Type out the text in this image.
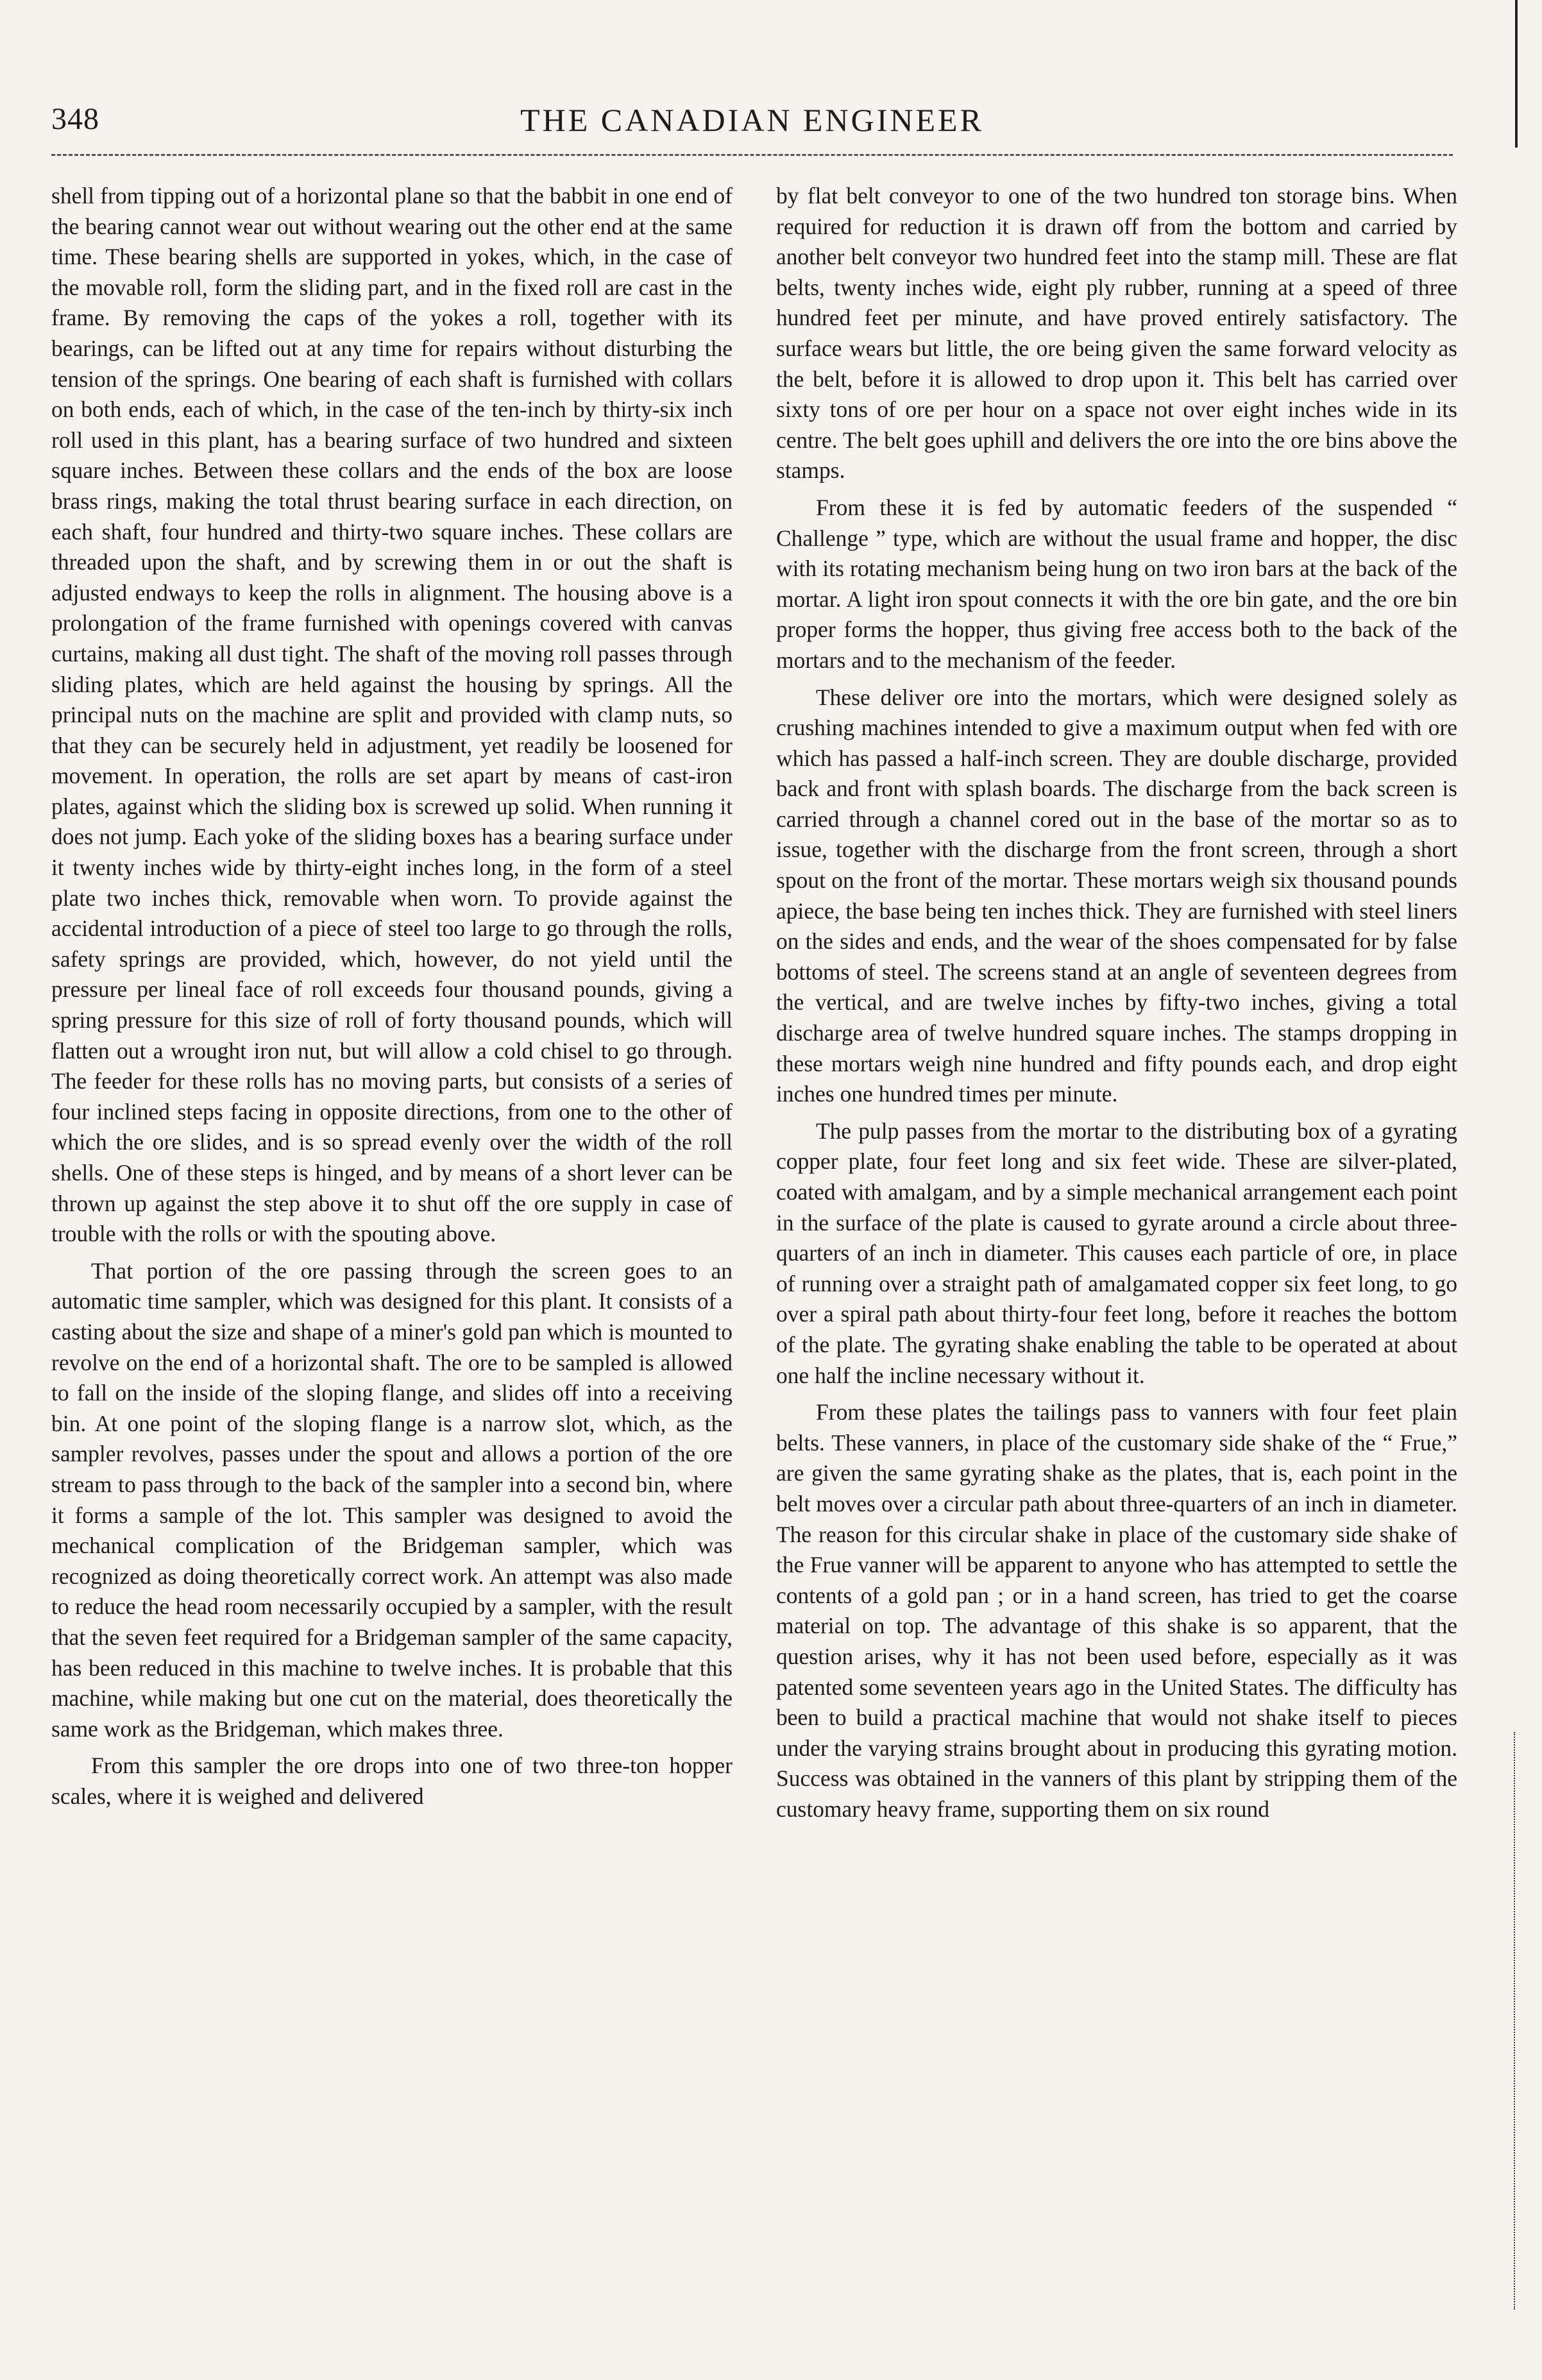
348	THE CANADIAN ENGINEER

shell from tipping out of a horizontal plane so that the babbit in one end of the bearing cannot wear out without wearing out the other end at the same time. These bearing shells are supported in yokes, which, in the case of the movable roll, form the sliding part, and in the fixed roll are cast in the frame. By removing the caps of the yokes a roll, together with its bearings, can be lifted out at any time for repairs without disturbing the tension of the springs. One bearing of each shaft is furnished with collars on both ends, each of which, in the case of the ten-inch by thirty-six inch roll used in this plant, has a bearing surface of two hundred and sixteen square inches. Between these collars and the ends of the box are loose brass rings, making the total thrust bearing surface in each direction, on each shaft, four hundred and thirty-two square inches. These collars are threaded upon the shaft, and by screwing them in or out the shaft is adjusted endways to keep the rolls in alignment. The housing above is a prolongation of the frame furnished with openings covered with canvas curtains, making all dust tight. The shaft of the moving roll passes through sliding plates, which are held against the housing by springs. All the principal nuts on the machine are split and provided with clamp nuts, so that they can be securely held in adjustment, yet readily be loosened for movement. In operation, the rolls are set apart by means of cast-iron plates, against which the sliding box is screwed up solid. When running it does not jump. Each yoke of the sliding boxes has a bearing surface under it twenty inches wide by thirty-eight inches long, in the form of a steel plate two inches thick, removable when worn. To provide against the accidental introduction of a piece of steel too large to go through the rolls, safety springs are provided, which, however, do not yield until the pressure per lineal face of roll exceeds four thousand pounds, giving a spring pressure for this size of roll of forty thousand pounds, which will flatten out a wrought iron nut, but will allow a cold chisel to go through. The feeder for these rolls has no moving parts, but consists of a series of four inclined steps facing in opposite directions, from one to the other of which the ore slides, and is so spread evenly over the width of the roll shells. One of these steps is hinged, and by means of a short lever can be thrown up against the step above it to shut off the ore supply in case of trouble with the rolls or with the spouting above.

That portion of the ore passing through the screen goes to an automatic time sampler, which was designed for this plant. It consists of a casting about the size and shape of a miner's gold pan which is mounted to revolve on the end of a horizontal shaft. The ore to be sampled is allowed to fall on the inside of the sloping flange, and slides off into a receiving bin. At one point of the sloping flange is a narrow slot, which, as the sampler revolves, passes under the spout and allows a portion of the ore stream to pass through to the back of the sampler into a second bin, where it forms a sample of the lot. This sampler was designed to avoid the mechanical complication of the Bridgeman sampler, which was recognized as doing theoretically correct work. An attempt was also made to reduce the head room necessarily occupied by a sampler, with the result that the seven feet required for a Bridgeman sampler of the same capacity, has been reduced in this machine to twelve inches. It is probable that this machine, while making but one cut on the material, does theoretically the same work as the Bridgeman, which makes three.

From this sampler the ore drops into one of two three-ton hopper scales, where it is weighed and delivered

by flat belt conveyor to one of the two hundred ton storage bins. When required for reduction it is drawn off from the bottom and carried by another belt conveyor two hundred feet into the stamp mill. These are flat belts, twenty inches wide, eight ply rubber, running at a speed of three hundred feet per minute, and have proved entirely satisfactory. The surface wears but little, the ore being given the same forward velocity as the belt, before it is allowed to drop upon it. This belt has carried over sixty tons of ore per hour on a space not over eight inches wide in its centre. The belt goes uphill and delivers the ore into the ore bins above the stamps.

From these it is fed by automatic feeders of the suspended “ Challenge ” type, which are without the usual frame and hopper, the disc with its rotating mechanism being hung on two iron bars at the back of the mortar. A light iron spout connects it with the ore bin gate, and the ore bin proper forms the hopper, thus giving free access both to the back of the mortars and to the mechanism of the feeder.

These deliver ore into the mortars, which were designed solely as crushing machines intended to give a maximum output when fed with ore which has passed a half-inch screen. They are double discharge, provided back and front with splash boards. The discharge from the back screen is carried through a channel cored out in the base of the mortar so as to issue, together with the discharge from the front screen, through a short spout on the front of the mortar. These mortars weigh six thousand pounds apiece, the base being ten inches thick. They are furnished with steel liners on the sides and ends, and the wear of the shoes compensated for by false bottoms of steel. The screens stand at an angle of seventeen degrees from the vertical, and are twelve inches by fifty-two inches, giving a total discharge area of twelve hundred square inches. The stamps dropping in these mortars weigh nine hundred and fifty pounds each, and drop eight inches one hundred times per minute.

The pulp passes from the mortar to the distributing box of a gyrating copper plate, four feet long and six feet wide. These are silver-plated, coated with amalgam, and by a simple mechanical arrangement each point in the surface of the plate is caused to gyrate around a circle about three-quarters of an inch in diameter. This causes each particle of ore, in place of running over a straight path of amalgamated copper six feet long, to go over a spiral path about thirty-four feet long, before it reaches the bottom of the plate. The gyrating shake enabling the table to be operated at about one half the incline necessary without it.

From these plates the tailings pass to vanners with four feet plain belts. These vanners, in place of the customary side shake of the “ Frue,” are given the same gyrating shake as the plates, that is, each point in the belt moves over a circular path about three-quarters of an inch in diameter. The reason for this circular shake in place of the customary side shake of the Frue vanner will be apparent to anyone who has attempted to settle the contents of a gold pan ; or in a hand screen, has tried to get the coarse material on top. The advantage of this shake is so apparent, that the question arises, why it has not been used before, especially as it was patented some seventeen years ago in the United States. The difficulty has been to build a practical machine that would not shake itself to pieces under the varying strains brought about in producing this gyrating motion. Success was obtained in the vanners of this plant by stripping them of the customary heavy frame, supporting them on six round
